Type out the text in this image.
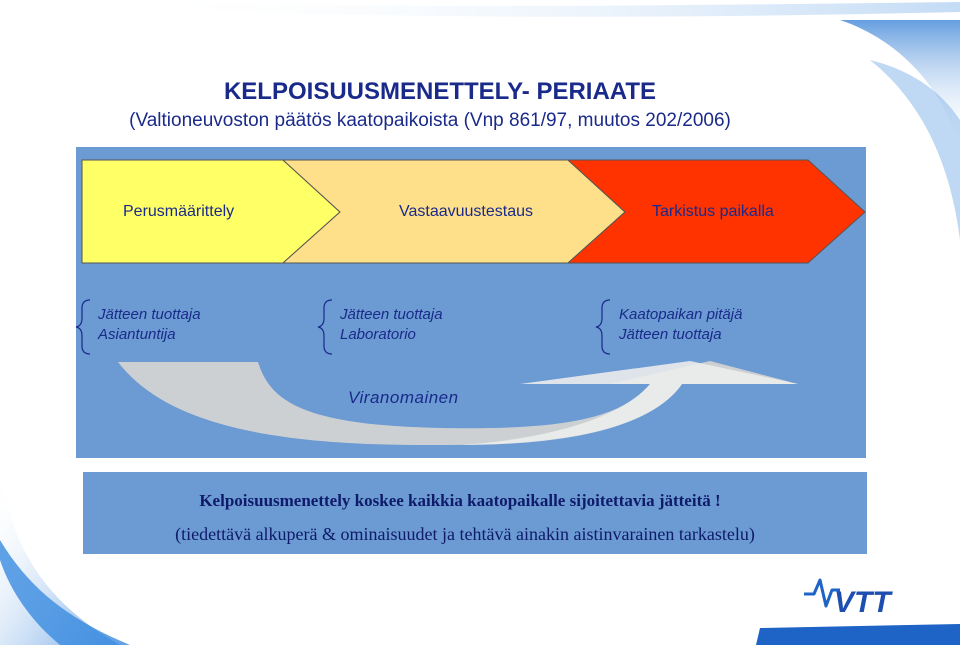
KELPOISUUSMENETTELY- PERIAATE
(Valtioneuvoston päätös kaatopaikoista (Vnp 861/97, muutos 202/2006)
Perusmäärittely	Vastaavuustestaus	Tarkistus paikalla
Jätteen tuottaja
Asiantuntija
Jätteen tuottaja
Laboratorio
Kaatopaikan pitäjä
Jätteen tuottaja
Viranomainen
Kelpoisuusmenettely koskee kaikkia kaatopaikalle sijoitettavia jätteitä !
(tiedettävä alkuperä & ominaisuudet ja tehtävä ainakin aistinvarainen tarkastelu)
VTT
